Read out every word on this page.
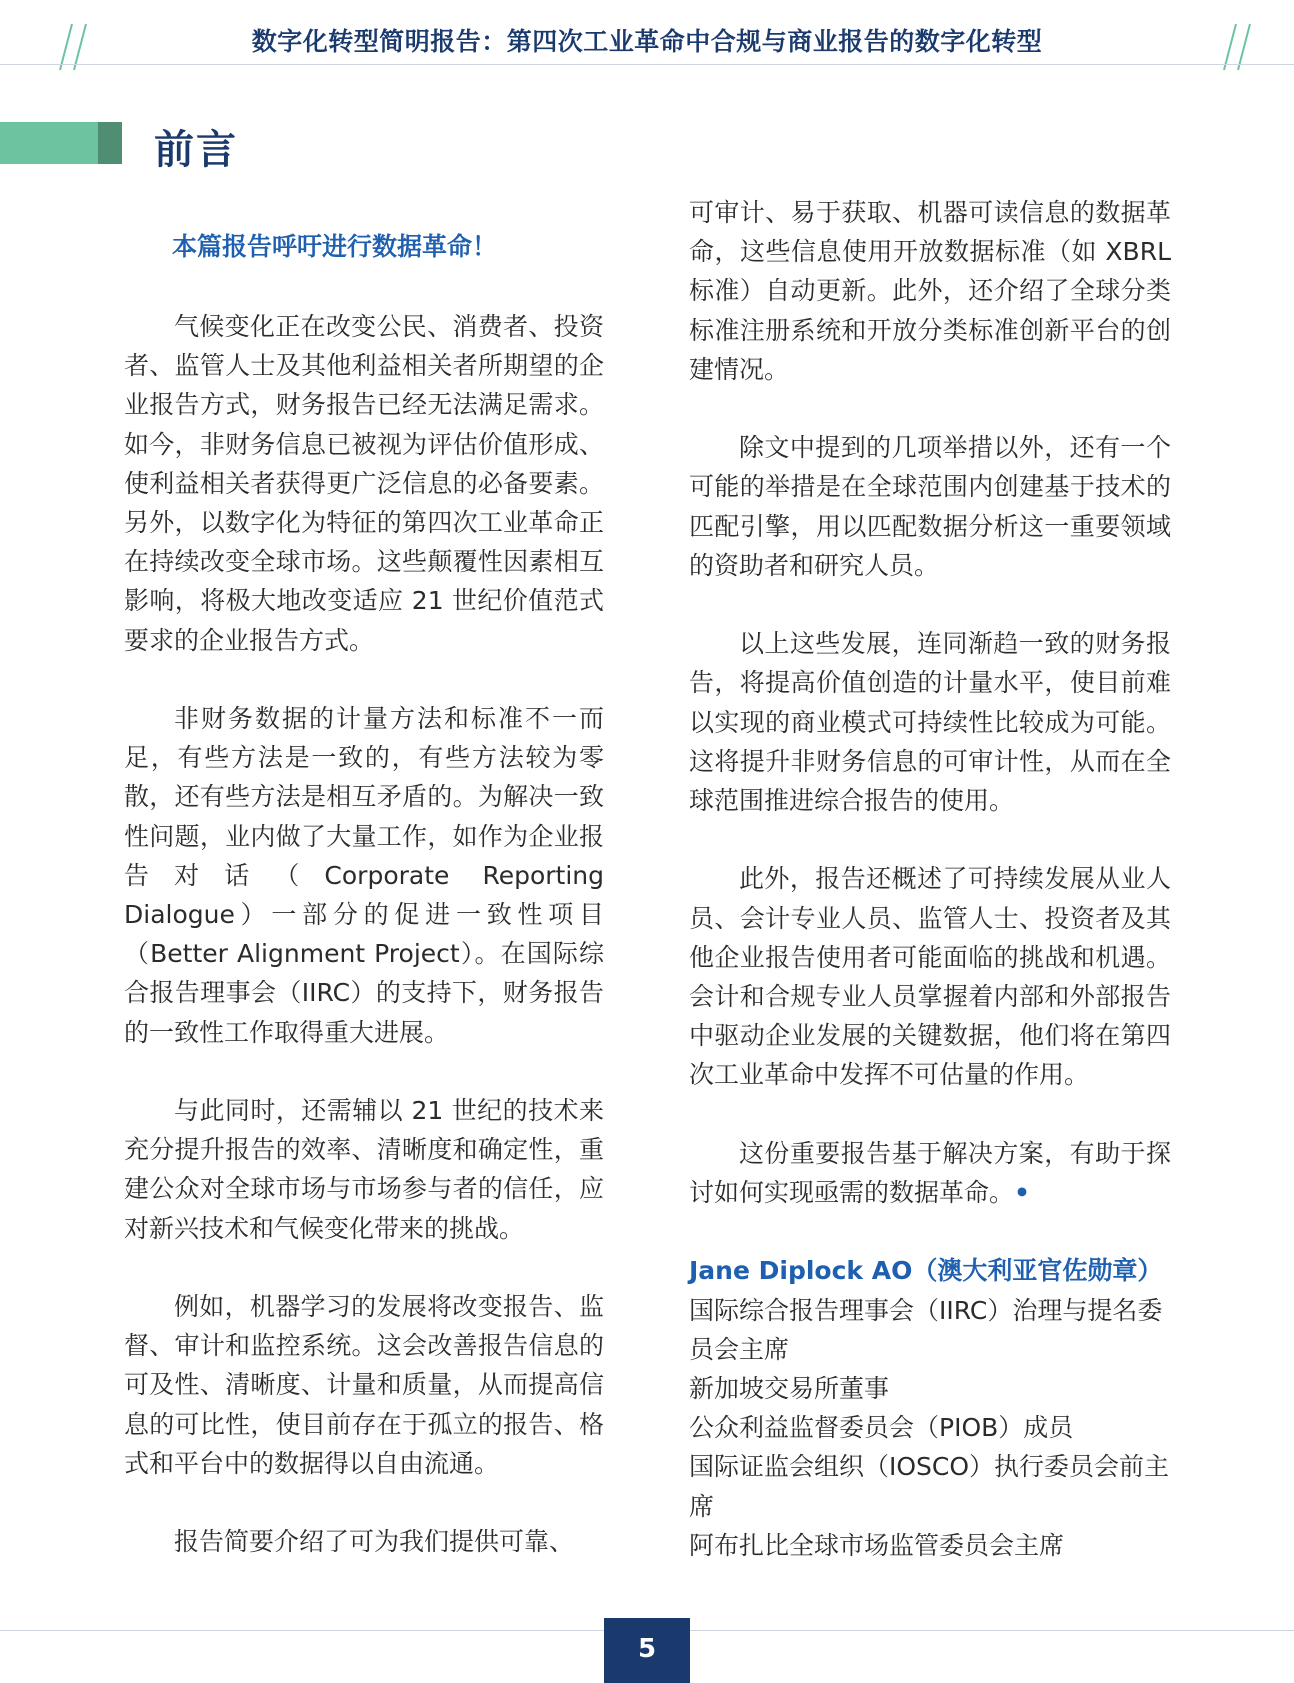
数字化转型简明报告：第四次工业革命中合规与商业报告的数字化转型
前言
本篇报告呼吁进行数据革命！

气候变化正在改变公民、消费者、投资者、监管人士及其他利益相关者所期望的企业报告方式，财务报告已经无法满足需求。如今，非财务信息已被视为评估价值形成、使利益相关者获得更广泛信息的必备要素。另外，以数字化为特征的第四次工业革命正在持续改变全球市场。这些颠覆性因素相互影响，将极大地改变适应 21 世纪价值范式要求的企业报告方式。

非财务数据的计量方法和标准不一而足，有些方法是一致的，有些方法较为零散，还有些方法是相互矛盾的。为解决一致性问题，业内做了大量工作，如作为企业报告对话（Corporate Reporting Dialogue）一部分的促进一致性项目（Better Alignment Project）。在国际综合报告理事会（IIRC）的支持下，财务报告的一致性工作取得重大进展。

与此同时，还需辅以 21 世纪的技术来充分提升报告的效率、清晰度和确定性，重建公众对全球市场与市场参与者的信任，应对新兴技术和气候变化带来的挑战。

例如，机器学习的发展将改变报告、监督、审计和监控系统。这会改善报告信息的可及性、清晰度、计量和质量，从而提高信息的可比性，使目前存在于孤立的报告、格式和平台中的数据得以自由流通。

报告简要介绍了可为我们提供可靠、

可审计、易于获取、机器可读信息的数据革命，这些信息使用开放数据标准（如 XBRL 标准）自动更新。此外，还介绍了全球分类标准注册系统和开放分类标准创新平台的创建情况。

除文中提到的几项举措以外，还有一个可能的举措是在全球范围内创建基于技术的匹配引擎，用以匹配数据分析这一重要领域的资助者和研究人员。

以上这些发展，连同渐趋一致的财务报告，将提高价值创造的计量水平，使目前难以实现的商业模式可持续性比较成为可能。这将提升非财务信息的可审计性，从而在全球范围推进综合报告的使用。

此外，报告还概述了可持续发展从业人员、会计专业人员、监管人士、投资者及其他企业报告使用者可能面临的挑战和机遇。会计和合规专业人员掌握着内部和外部报告中驱动企业发展的关键数据，他们将在第四次工业革命中发挥不可估量的作用。

这份重要报告基于解决方案，有助于探讨如何实现亟需的数据革命。•

Jane Diplock AO（澳大利亚官佐勋章）
国际综合报告理事会（IIRC）治理与提名委员会主席
新加坡交易所董事
公众利益监督委员会（PIOB）成员
国际证监会组织（IOSCO）执行委员会前主席
阿布扎比全球市场监管委员会主席
5
